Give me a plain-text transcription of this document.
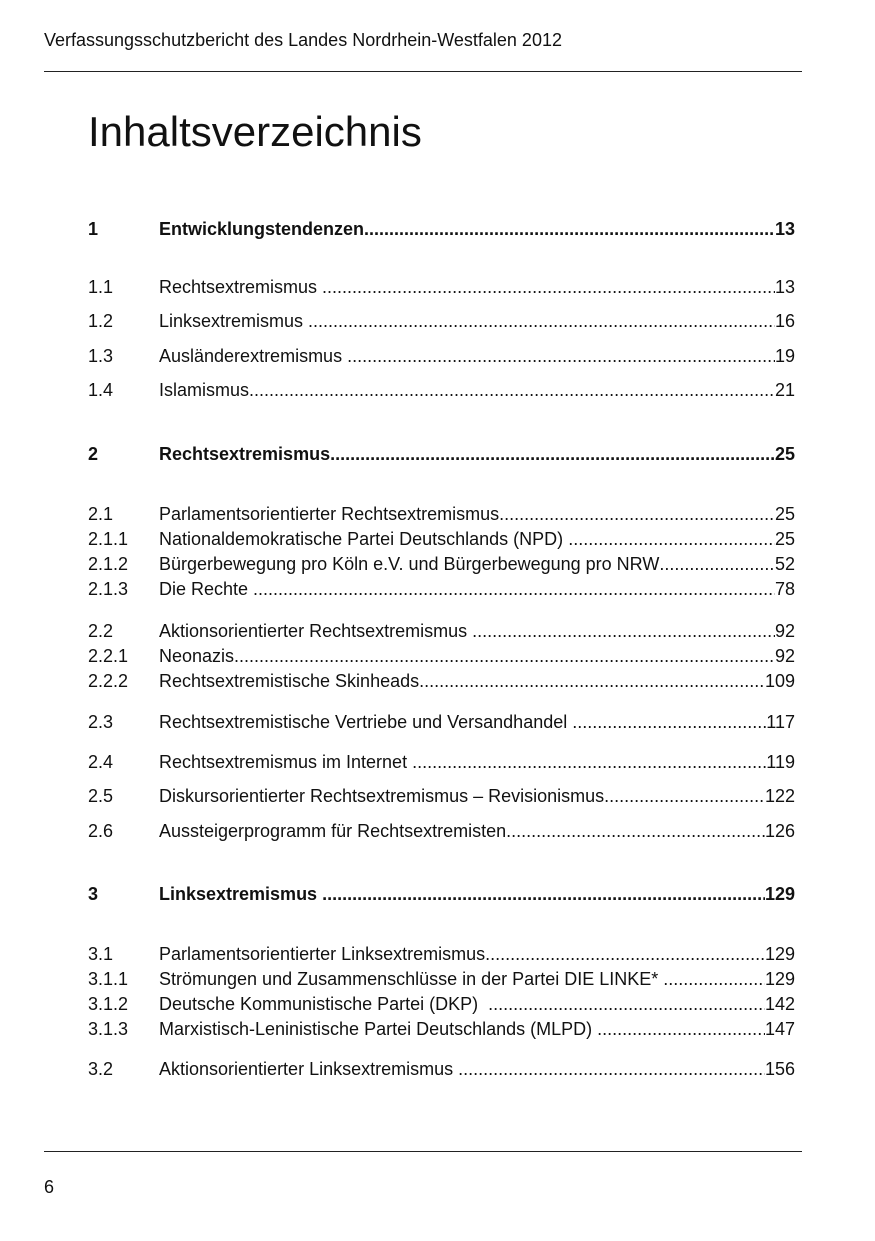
Verfassungsschutzbericht des Landes Nordrhein-Westfalen 2012
Inhaltsverzeichnis
1	Entwicklungstendenzen .....	13
1.1	Rechtsextremismus .....	13
1.2	Linksextremismus .....	16
1.3	Ausländerextremismus .....	19
1.4	Islamismus .....	21
2	Rechtsextremismus .....	25
2.1	Parlamentsorientierter Rechtsextremismus .....	25
2.1.1	Nationaldemokratische Partei Deutschlands (NPD) .....	25
2.1.2	Bürgerbewegung pro Köln e.V. und Bürgerbewegung pro NRW .....	52
2.1.3	Die Rechte .....	78
2.2	Aktionsorientierter Rechtsextremismus .....	92
2.2.1	Neonazis .....	92
2.2.2	Rechtsextremistische Skinheads .....	109
2.3	Rechtsextremistische Vertriebe und Versandhandel .....	117
2.4	Rechtsextremismus im Internet .....	119
2.5	Diskursorientierter Rechtsextremismus – Revisionismus .....	122
2.6	Aussteigerprogramm für Rechtsextremisten .....	126
3	Linksextremismus .....	129
3.1	Parlamentsorientierter Linksextremismus .....	129
3.1.1	Strömungen und Zusammenschlüsse in der Partei DIE LINKE* .....	129
3.1.2	Deutsche Kommunistische Partei (DKP) .....	142
3.1.3	Marxistisch-Leninistische Partei Deutschlands (MLPD) .....	147
3.2	Aktionsorientierter Linksextremismus .....	156
6
